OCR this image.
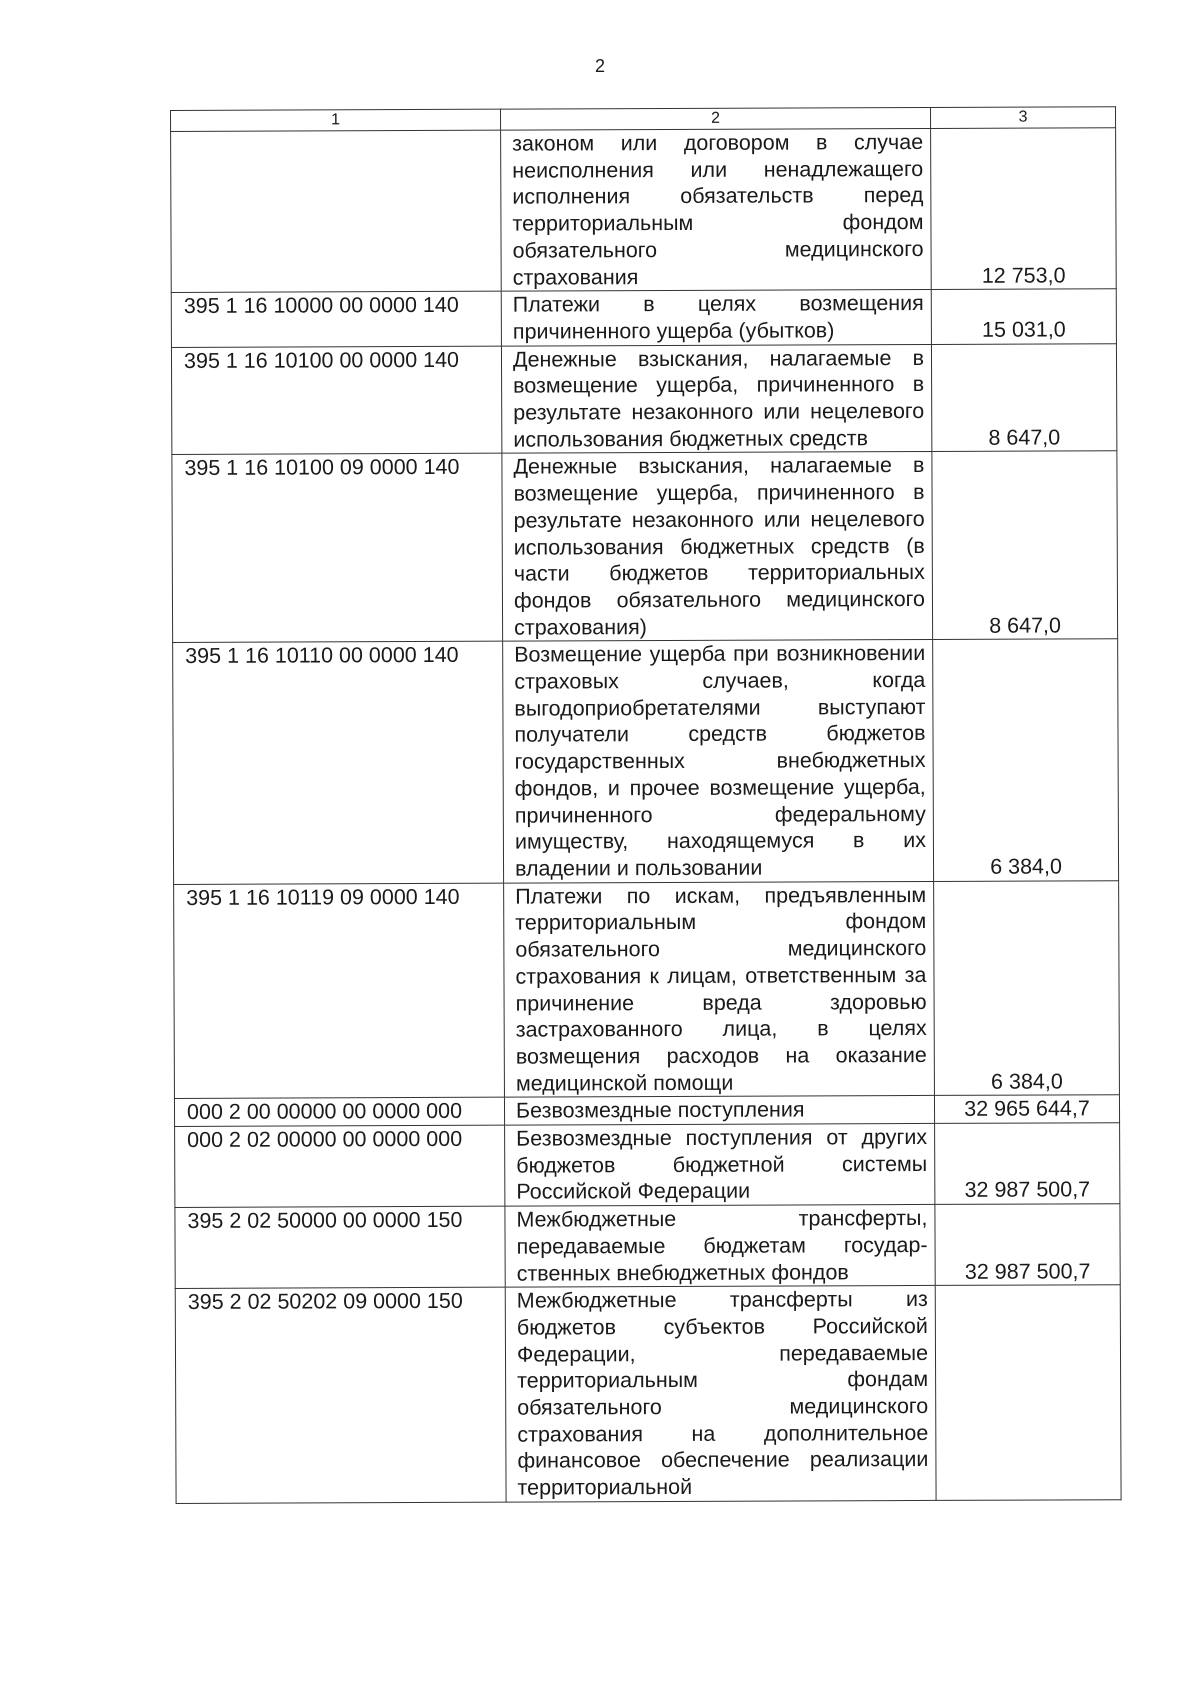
2
1	2	3
	законом или договором в случае неисполнения или ненадлежащего исполнения обязательств перед территориальным фондом обязательного медицинского страхования	12 753,0
395 1 16 10000 00 0000 140	Платежи в целях возмещения причиненного ущерба (убытков)	15 031,0
395 1 16 10100 00 0000 140	Денежные взыскания, налагаемые в возмещение ущерба, причиненного в результате незаконного или нецелевого использования бюджетных средств	8 647,0
395 1 16 10100 09 0000 140	Денежные взыскания, налагаемые в возмещение ущерба, причиненного в результате незаконного или нецелевого использования бюджетных средств (в части бюджетов территориальных фондов обязательного медицинского страхования)	8 647,0
395 1 16 10110 00 0000 140	Возмещение ущерба при возникновении страховых случаев, когда выгодоприобретателями выступают получатели средств бюджетов государственных внебюджетных фондов, и прочее возмещение ущерба, причиненного федеральному имуществу, находящемуся в их владении и пользовании	6 384,0
395 1 16 10119 09 0000 140	Платежи по искам, предъявленным территориальным фондом обязательного медицинского страхования к лицам, ответственным за причинение вреда здоровью застрахованного лица, в целях возмещения расходов на оказание медицинской помощи	6 384,0
000 2 00 00000 00 0000 000	Безвозмездные поступления	32 965 644,7
000 2 02 00000 00 0000 000	Безвозмездные поступления от других бюджетов бюджетной системы Российской Федерации	32 987 500,7
395 2 02 50000 00 0000 150	Межбюджетные трансферты, передаваемые бюджетам государ-ственных внебюджетных фондов	32 987 500,7
395 2 02 50202 09 0000 150	Межбюджетные трансферты из бюджетов субъектов Российской Федерации, передаваемые территориальным фондам обязательного медицинского страхования на дополнительное финансовое обеспечение реализации территориальной	
